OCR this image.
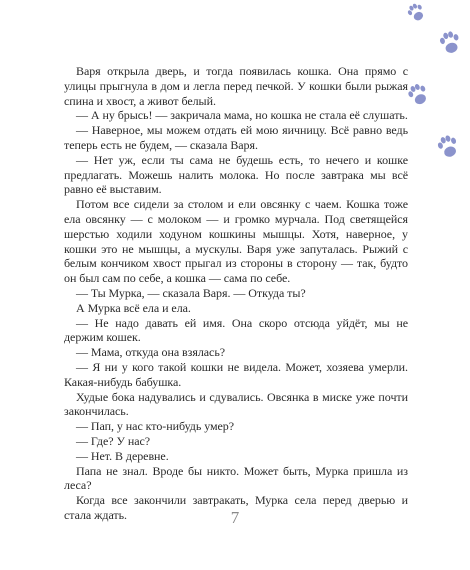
Варя открыла дверь, и тогда появилась кошка. Она прямо с улицы прыгнула в дом и легла перед печкой. У кошки были рыжая спина и хвост, а живот белый.

— А ну брысь! — закричала мама, но кошка не стала её слушать.

— Наверное, мы можем отдать ей мою яичницу. Всё равно ведь теперь есть не будем, — сказала Варя.

— Нет уж, если ты сама не будешь есть, то нечего и кошке предлагать. Можешь налить молока. Но после завтрака мы всё равно её выставим.

Потом все сидели за столом и ели овсянку с чаем. Кошка тоже ела овсянку — с молоком — и громко мурчала. Под светящейся шерстью ходили ходуном кошкины мышцы. Хотя, наверное, у кошки это не мышцы, а мускулы. Варя уже запуталась. Рыжий с белым кончиком хвост прыгал из стороны в сторону — так, будто он был сам по себе, а кошка — сама по себе.

— Ты Мурка, — сказала Варя. — Откуда ты?

А Мурка всё ела и ела.

— Не надо давать ей имя. Она скоро отсюда уйдёт, мы не держим кошек.

— Мама, откуда она взялась?

— Я ни у кого такой кошки не видела. Может, хозяева умерли. Какая-нибудь бабушка.

Худые бока надувались и сдувались. Овсянка в миске уже почти закончилась.

— Пап, у нас кто-нибудь умер?

— Где? У нас?

— Нет. В деревне.

Папа не знал. Вроде бы никто. Может быть, Мурка пришла из леса?

Когда все закончили завтракать, Мурка села перед дверью и стала ждать.	7
